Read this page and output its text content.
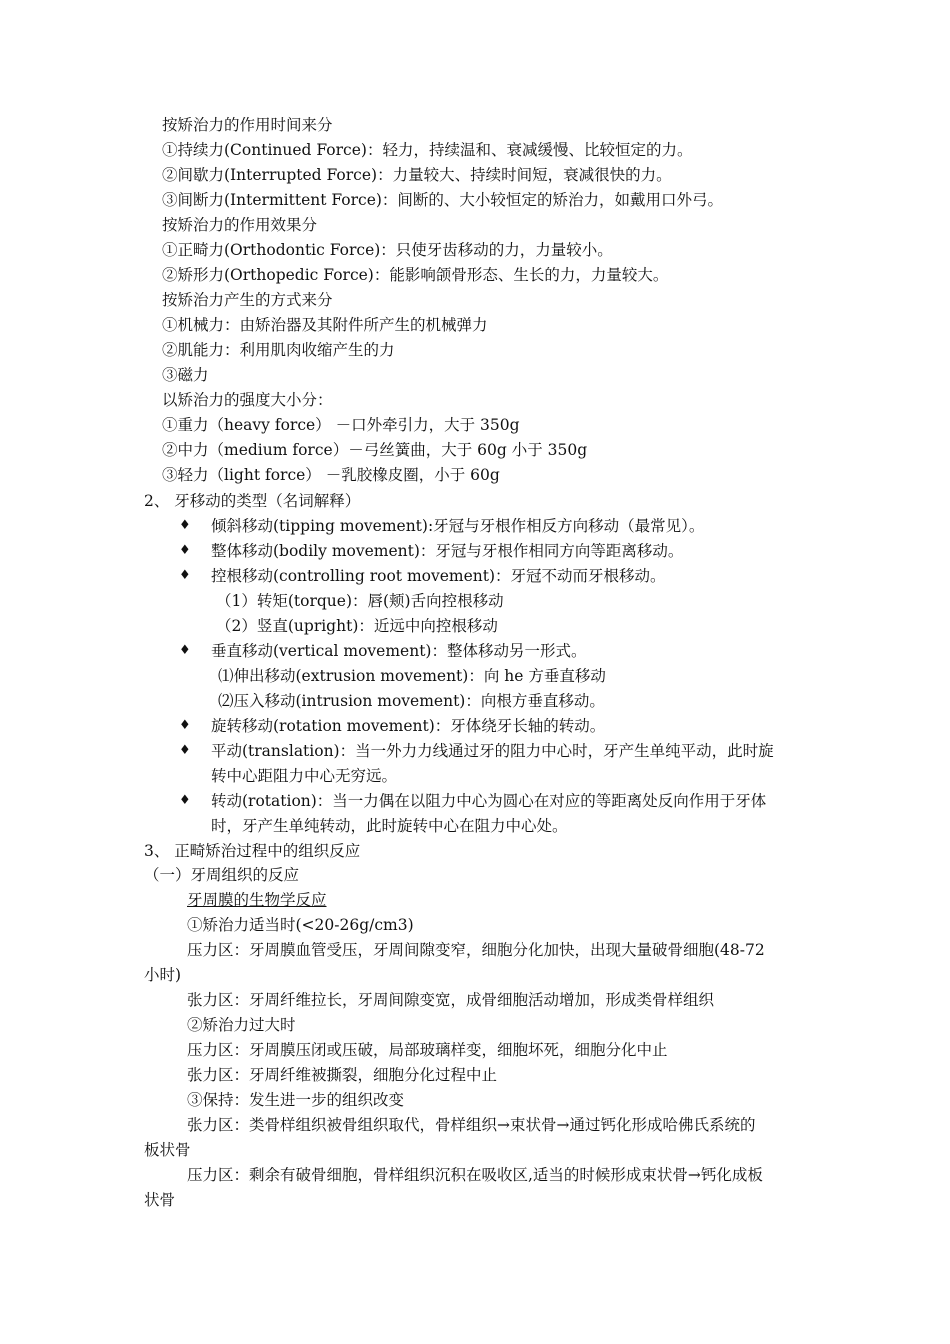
按矫治力的作用时间来分
①持续力(Continued Force)：轻力，持续温和、衰减缓慢、比较恒定的力。
②间歇力(Interrupted Force)：力量较大、持续时间短，衰减很快的力。
③间断力(Intermittent Force)：间断的、大小较恒定的矫治力，如戴用口外弓。
按矫治力的作用效果分
①正畸力(Orthodontic Force)：只使牙齿移动的力，力量较小。
②矫形力(Orthopedic Force)：能影响颌骨形态、生长的力，力量较大。
按矫治力产生的方式来分
①机械力：由矫治器及其附件所产生的机械弹力
②肌能力：利用肌肉收缩产生的力
③磁力
以矫治力的强度大小分：
①重力（heavy force） －口外牵引力，大于 350g
②中力（medium force）－弓丝簧曲，大于 60g 小于 350g
③轻力（light force） －乳胶橡皮圈，小于 60g
2、 牙移动的类型（名词解释）
♦ 倾斜移动(tipping movement):牙冠与牙根作相反方向移动（最常见）。
♦ 整体移动(bodily movement)：牙冠与牙根作相同方向等距离移动。
♦ 控根移动(controlling root movement)：牙冠不动而牙根移动。
（1）转矩(torque)：唇(颊)舌向控根移动
（2）竖直(upright)：近远中向控根移动
♦ 垂直移动(vertical movement)：整体移动另一形式。
⑴伸出移动(extrusion movement)：向 he 方垂直移动
⑵压入移动(intrusion movement)：向根方垂直移动。
♦ 旋转移动(rotation movement)：牙体绕牙长轴的转动。
♦ 平动(translation)：当一外力力线通过牙的阻力中心时，牙产生单纯平动，此时旋
转中心距阻力中心无穷远。
♦ 转动(rotation)：当一力偶在以阻力中心为圆心在对应的等距离处反向作用于牙体
时，牙产生单纯转动，此时旋转中心在阻力中心处。
3、 正畸矫治过程中的组织反应
（一）牙周组织的反应
牙周膜的生物学反应
①矫治力适当时(<20-26g/cm3)
压力区：牙周膜血管受压，牙周间隙变窄，细胞分化加快，出现大量破骨细胞(48-72
小时)
张力区：牙周纤维拉长，牙周间隙变宽，成骨细胞活动增加，形成类骨样组织
②矫治力过大时
压力区：牙周膜压闭或压破，局部玻璃样变，细胞坏死，细胞分化中止
张力区：牙周纤维被撕裂，细胞分化过程中止
③保持：发生进一步的组织改变
张力区：类骨样组织被骨组织取代，骨样组织→束状骨→通过钙化形成哈佛氏系统的
板状骨
压力区：剩余有破骨细胞，骨样组织沉积在吸收区,适当的时候形成束状骨→钙化成板
状骨
